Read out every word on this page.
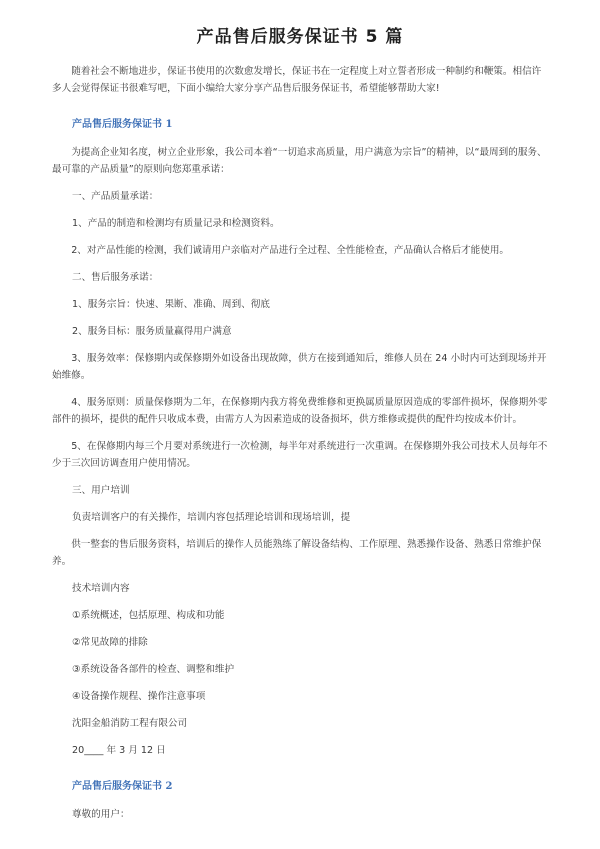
产品售后服务保证书 5 篇

随着社会不断地进步，保证书使用的次数愈发增长，保证书在一定程度上对立誓者形成一种制约和鞭策。相信许多人会觉得保证书很难写吧，下面小编给大家分享产品售后服务保证书，希望能够帮助大家!

产品售后服务保证书 1

为提高企业知名度，树立企业形象，我公司本着“一切追求高质量，用户满意为宗旨”的精神，以“最周到的服务、最可靠的产品质量”的原则向您郑重承诺：

一、产品质量承诺：

1、产品的制造和检测均有质量记录和检测资料。

2、对产品性能的检测，我们诚请用户亲临对产品进行全过程、全性能检查，产品确认合格后才能使用。

二、售后服务承诺：

1、服务宗旨：快速、果断、准确、周到、彻底

2、服务目标：服务质量赢得用户满意

3、服务效率：保修期内或保修期外如设备出现故障，供方在接到通知后，维修人员在 24 小时内可达到现场并开始维修。

4、服务原则：质量保修期为二年，在保修期内我方将免费维修和更换属质量原因造成的零部件损坏，保修期外零部件的损坏，提供的配件只收成本费，由需方人为因素造成的设备损坏，供方维修或提供的配件均按成本价计。

5、在保修期内每三个月要对系统进行一次检测，每半年对系统进行一次重调。在保修期外我公司技术人员每年不少于三次回访调查用户使用情况。

三、用户培训

负责培训客户的有关操作，培训内容包括理论培训和现场培训，提

供一整套的售后服务资料，培训后的操作人员能熟练了解设备结构、工作原理、熟悉操作设备、熟悉日常维护保养。

技术培训内容

①系统概述，包括原理、构成和功能

②常见故障的排除

③系统设备各部件的检查、调整和维护

④设备操作规程、操作注意事项

沈阳金船消防工程有限公司

20____ 年 3 月 12 日

产品售后服务保证书 2

尊敬的用户：
